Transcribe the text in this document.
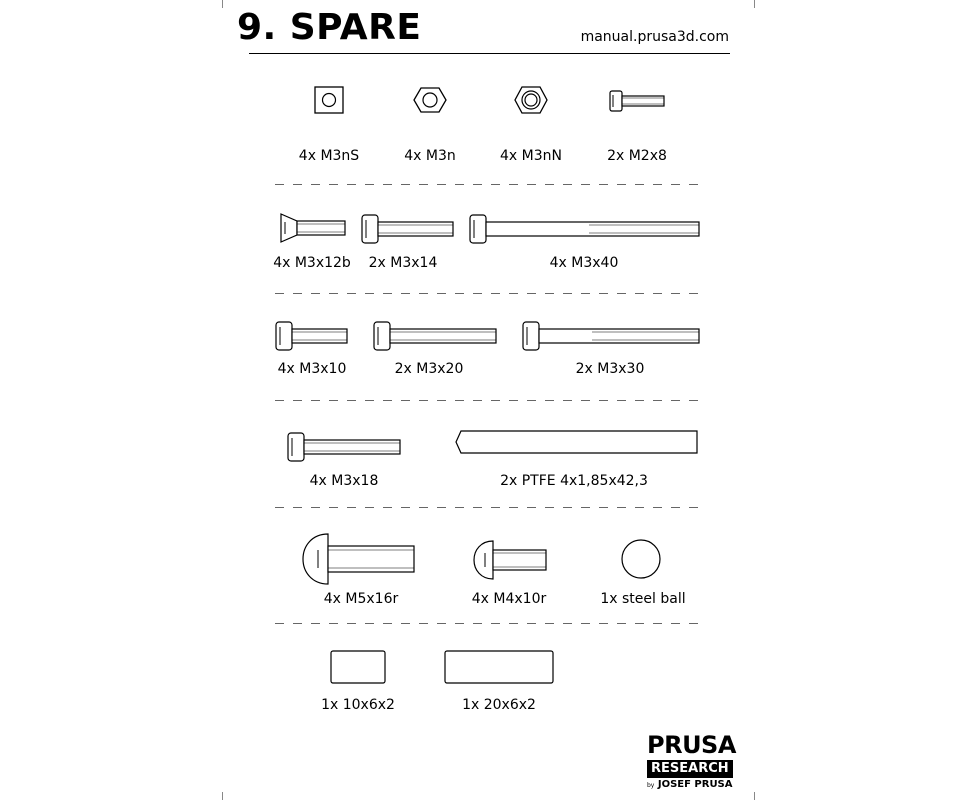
9. SPARE	manual.prusa3d.com
4x M3nS	4x M3n	4x M3nN	2x M2x8
4x M3x12b 2x M3x14	4x M3x40
4x M3x10	2x M3x20	2x M3x30
4x M3x18	2x PTFE 4x1,85x42,3
4x M5x16r	4x M4x10r	1x steel ball
1x 10x6x2	1x 20x6x2
PRUSA
RESEARCH
by JOSEF PRUSA
